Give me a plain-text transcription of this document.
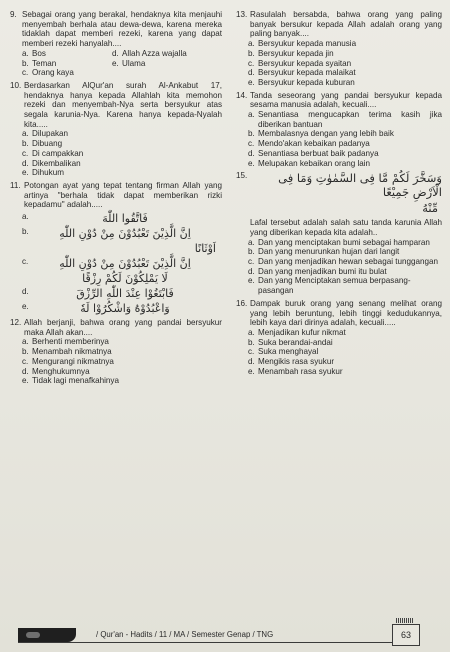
9. Sebagai orang yang berakal, hendaknya kita menjauhi menyembah berhala atau dewa-dewa, karena mereka tidaklah dapat memberi rezeki, karena yang dapat memberi rezeki hanyalah....
a. Bos	d. Allah Azza wajalla
b. Teman	e. Ulama
c. Orang kaya
10. Berdasarkan AlQur'an surah Al-Ankabut 17, hendaknya hanya kepada Allahlah kita memohon rezeki dan menyembah-Nya serta bersyukur atas segala karunia-Nya. Karena hanya kepada-Nyalah kita.....
a. Dilupakan
b. Dibuang
c. Di campakkan
d. Dikembalikan
e. Dihukum
11. Potongan ayat yang tepat tentang firman Allah yang artinya "berhala tidak dapat memberikan rizki kepadamu" adalah.....
a.	فَاتَّقُوا اللّٰهَ
b.	اِنَّ الَّذِيْنَ تَعْبُدُوْنَ مِنْ دُوْنِ اللّٰهِ
اَوْثَانًا
c.	اِنَّ الَّذِيْنَ تَعْبُدُوْنَ مِنْ دُوْنِ اللّٰهِ
لَا يَمْلِكُوْنَ لَكُمْ رِزْقًا
d.	فَابْتَغُوْا عِنْدَ اللّٰهِ الرِّزْقَ
e.	وَاعْبُدُوْهُ وَاشْكُرُوْا لَهٗ
12. Allah berjanji, bahwa orang yang pandai bersyukur maka Allah akan....
a. Berhenti memberinya
b. Menambah nikmatnya
c. Mengurangi nikmatnya
d. Menghukumnya
e. Tidak lagi menafkahinya
13. Rasulalah bersabda, bahwa orang yang paling banyak bersukur kepada Allah adalah orang yang paling banyak....
a. Bersyukur kepada manusia
b. Bersyukur kepada jin
c. Bersyukur kepada syaitan
d. Bersyukur kepada malaikat
e. Bersyukur kepada kuburan
14. Tanda seseorang yang pandai bersyukur kepada sesama manusia adalah, kecuali....
a. Senantiasa mengucapkan terima kasih jika diberikan bantuan
b. Membalasnya dengan yang lebih baik
c. Mendo'akan kebaikan padanya
d. Senantiasa berbuat baik padanya
e. Melupakan kebaikan orang lain
15.	وَسَخَّرَ لَكُمْ مَّا فِى السَّمٰوٰتِ وَمَا فِى الْاَرْضِ جَمِيْعًا
مِّنْهُ
Lafal tersebut adalah salah satu tanda karunia Allah yang diberikan kepada kita adalah..
a. Dan yang menciptakan bumi sebagai hamparan
b. Dan yang menurunkan hujan dari langit
c. Dan yang menjadikan hewan sebagai tunggangan
d. Dan yang menjadikan bumi itu bulat
e. Dan yang Menciptakan semua berpasang-pasangan
16. Dampak buruk orang yang senang melihat orang yang lebih beruntung, lebih tinggi kedudukannya, lebih kaya dari dirinya adalah, kecuali.....
a. Menjadikan kufur nikmat
b. Suka berandai-andai
c. Suka menghayal
d. Mengikis rasa syukur
e. Menambah rasa syukur
/ Qur'an - Hadits / 11 / MA / Semester Genap / TNG	63
